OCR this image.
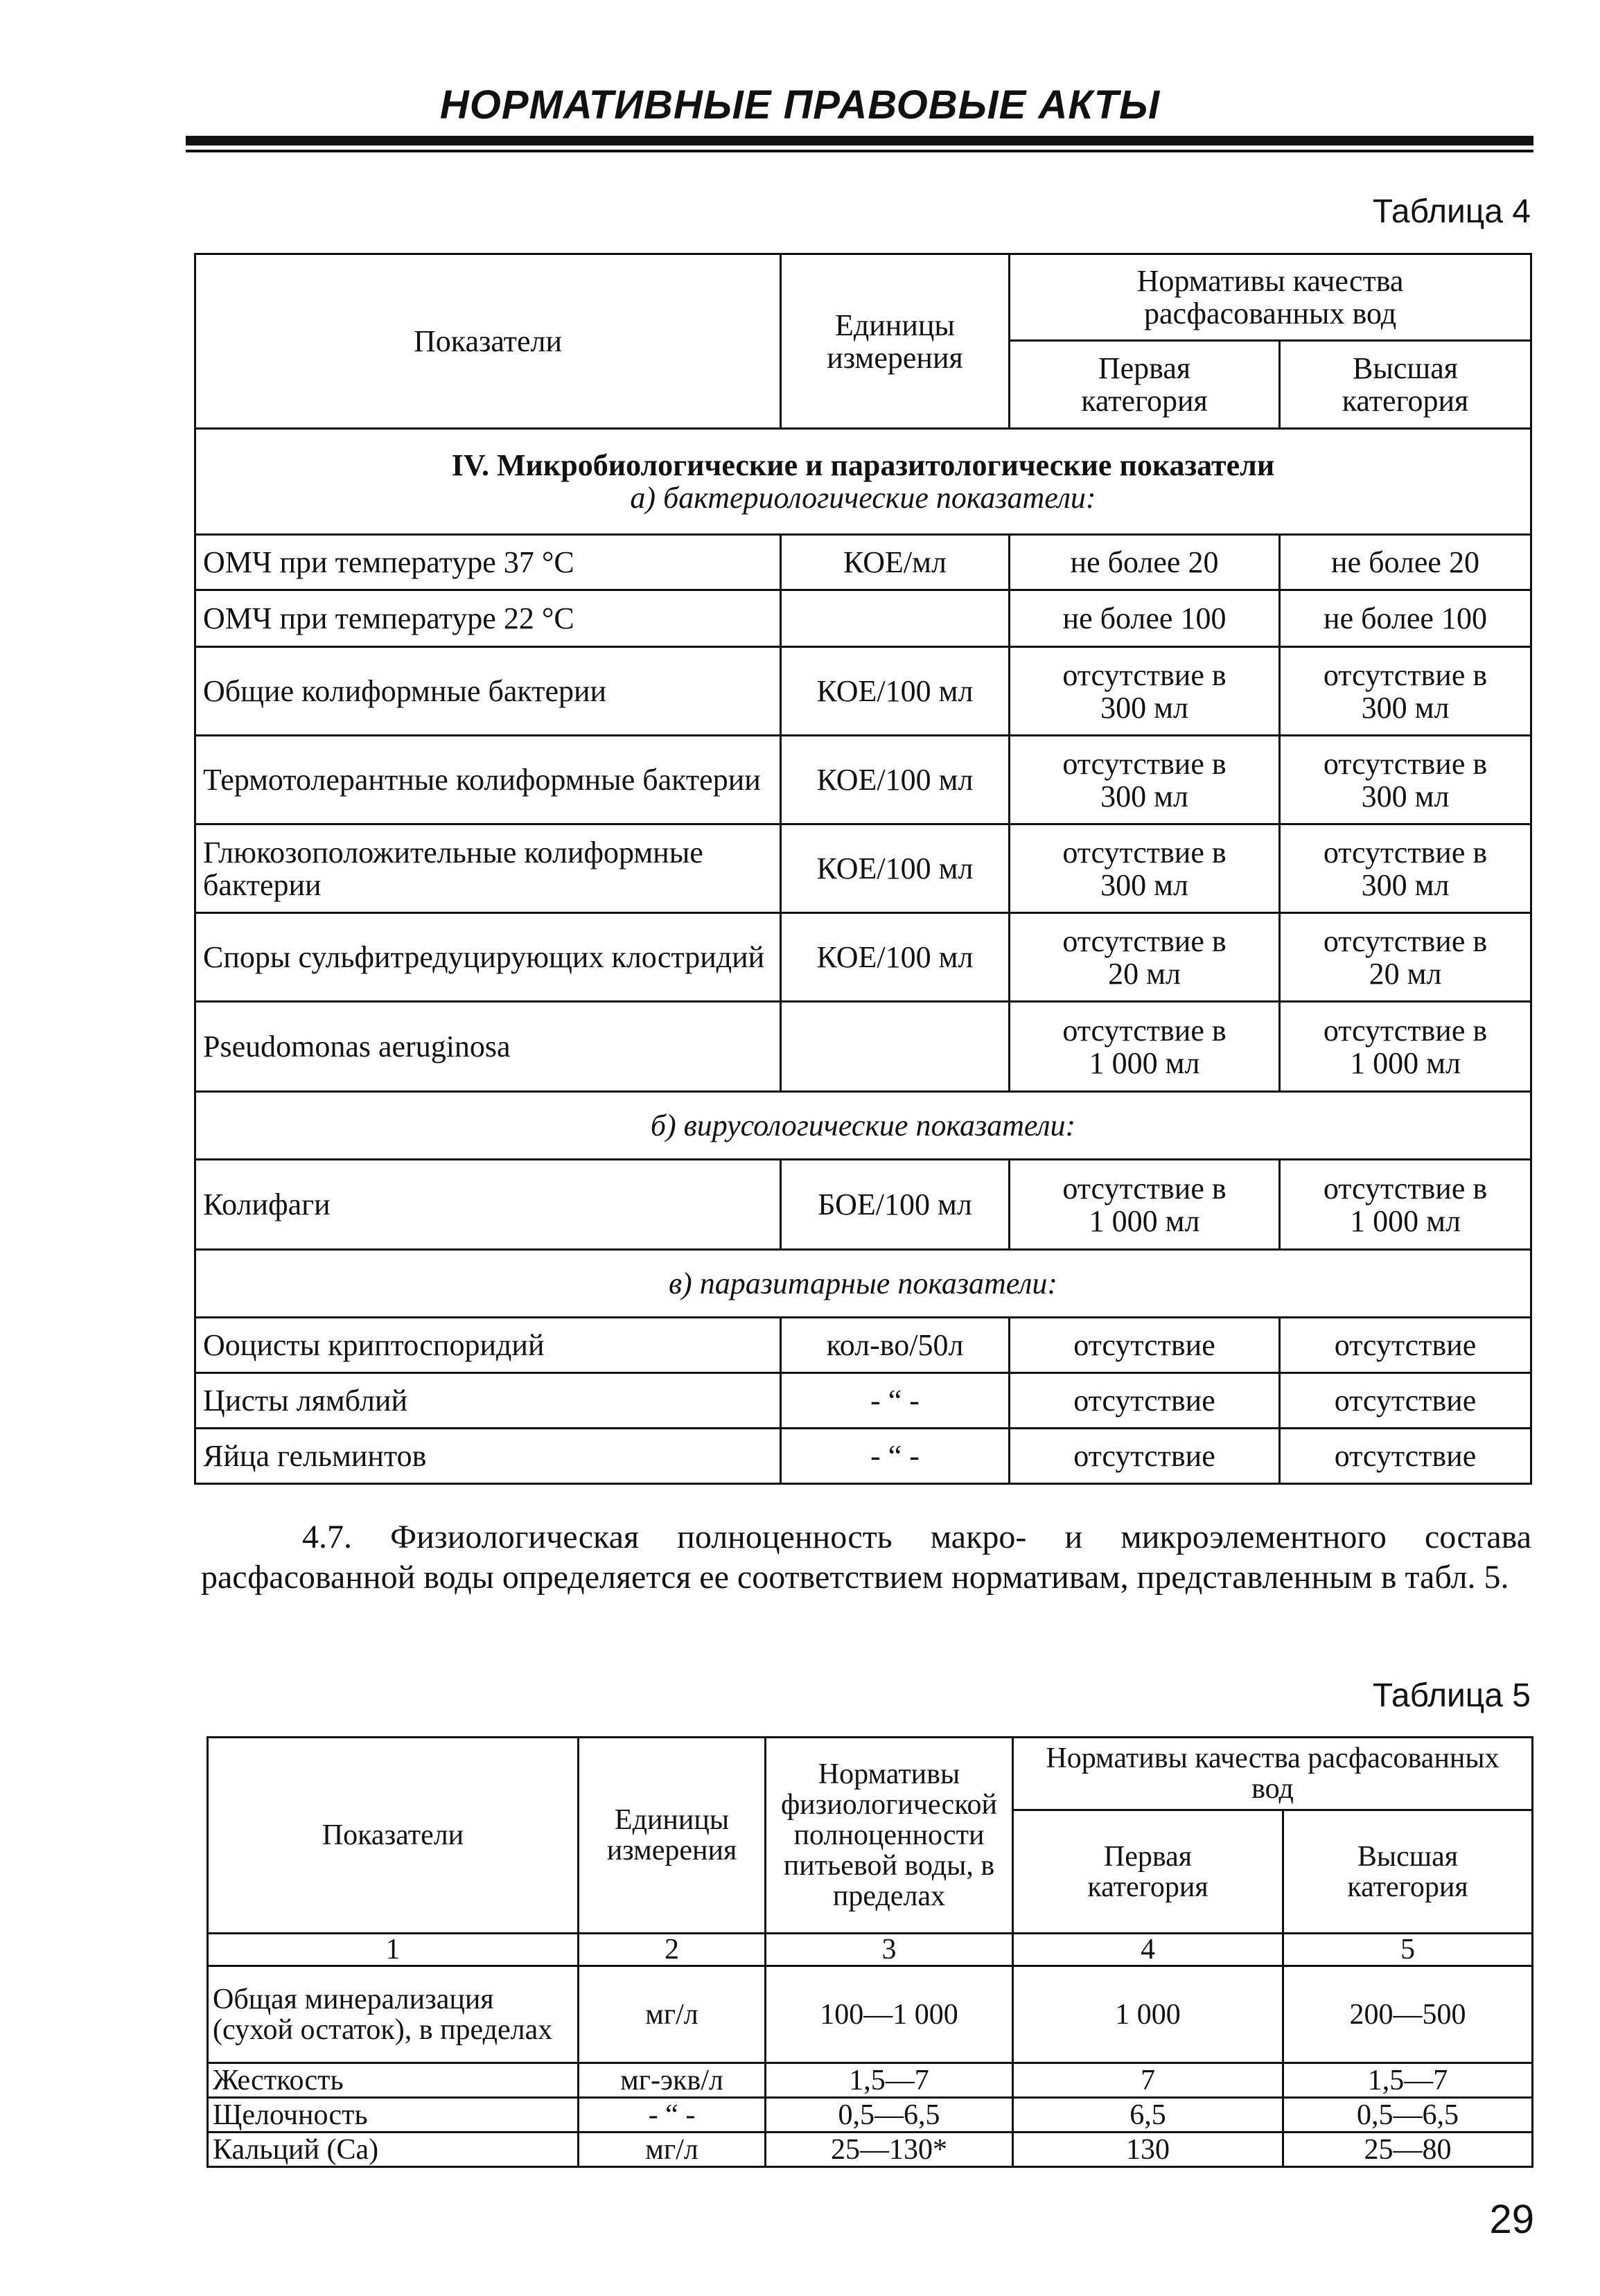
НОРМАТИВНЫЕ ПРАВОВЫЕ АКТЫ
Таблица 4
Показатели	Единицы измерения	Нормативы качества расфасованных вод	
		Первая категория	Высшая категория

IV. Микробиологические и паразитологические показатели
а) бактериологические показатели:			

ОМЧ при температуре 37 °С	КОЕ/мл	не более 20	не более 20
ОМЧ при температуре 22 °С		не более 100	не более 100
Общие колиформные бактерии	КОЕ/100 мл	отсутствие в 300 мл	отсутствие в 300 мл
Термотолерантные колиформные бактерии	КОЕ/100 мл	отсутствие в 300 мл	отсутствие в 300 мл
Глюкозоположительные колиформные бактерии	КОЕ/100 мл	отсутствие в 300 мл	отсутствие в 300 мл
Споры сульфитредуцирующих клостридий	КОЕ/100 мл	отсутствие в 20 мл	отсутствие в 20 мл
Pseudomonas aeruginosa		отсутствие в 1 000 мл	отсутствие в 1 000 мл
б) вирусологические показатели:			
Колифаги	БОЕ/100 мл	отсутствие в 1 000 мл	отсутствие в 1 000 мл
в) паразитарные показатели:			
Ооцисты криптоспоридий	кол-во/50л	отсутствие	отсутствие
Цисты лямблий	- “ -	отсутствие	отсутствие
Яйца гельминтов	- “ -	отсутствие	отсутствие
4.7. Физиологическая полноценность макро- и микроэлементного состава расфасованной воды определяется ее соответствием нормативам, представленным в табл. 5.
Таблица 5
Показатели	Единицы измерения	Нормативы физиологической полноценности питьевой воды, в пределах	Нормативы качества расфасованных вод	
			Первая категория	Высшая категория
1	2	3	4	5
Общая минерализация (сухой остаток), в пределах	мг/л	100—1 000	1 000	200—500
Жесткость	мг-экв/л	1,5—7	7	1,5—7
Щелочность	- “ -	0,5—6,5	6,5	0,5—6,5
Кальций (Са)	мг/л	25—130*	130	25—80
29
